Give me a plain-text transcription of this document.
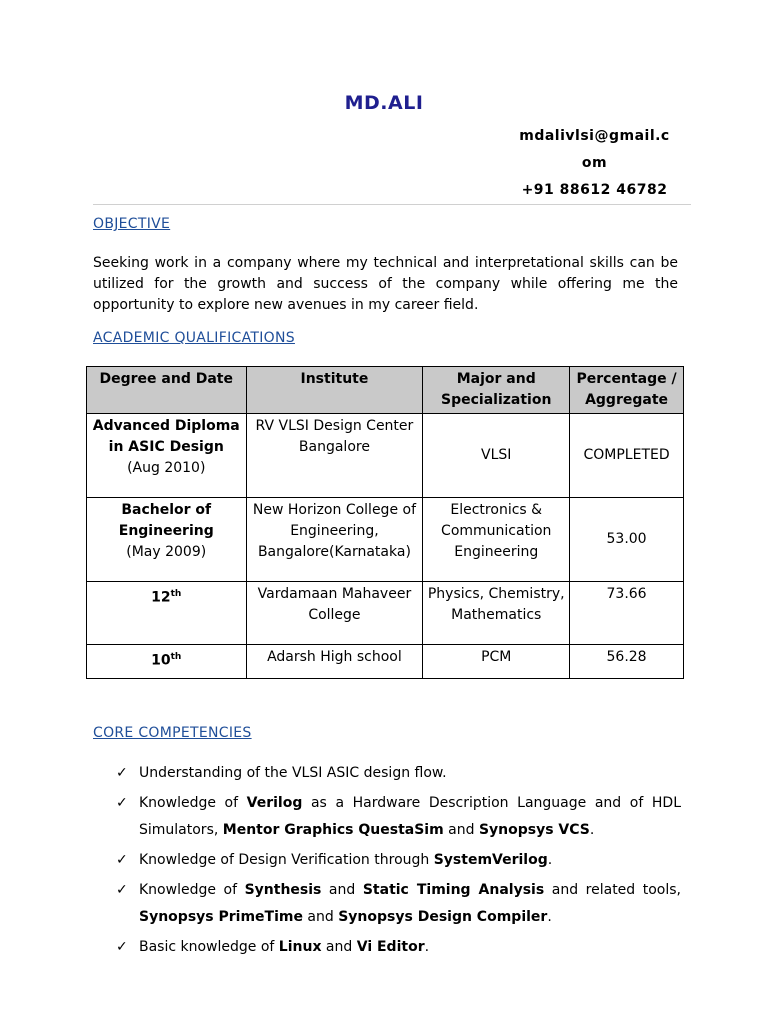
MD.ALI
mdalivlsi@gmail.c
om
+91 88612 46782
OBJECTIVE
Seeking work in a company where my technical and interpretational skills can be utilized for the growth and success of the company while offering me the opportunity to explore new avenues in my career field.
ACADEMIC QUALIFICATIONS
Degree and Date	Institute	Major and Specialization	Percentage / Aggregate

Advanced Diploma in ASIC Design
(Aug 2010)	RV VLSI Design Center Bangalore	VLSI	COMPLETED

Bachelor of Engineering
(May 2009)	New Horizon College of Engineering, Bangalore(Karnataka)	Electronics & Communication Engineering	53.00
12th	Vardamaan Mahaveer College	Physics, Chemistry, Mathematics	73.66
10th	Adarsh High school	PCM	56.28
CORE COMPETENCIES
✓ Understanding of the VLSI ASIC design flow.
✓ Knowledge of Verilog as a Hardware Description Language and of HDL Simulators, Mentor Graphics QuestaSim and Synopsys VCS.
✓ Knowledge of Design Verification through SystemVerilog.
✓ Knowledge of Synthesis and Static Timing Analysis and related tools, Synopsys PrimeTime and Synopsys Design Compiler.
✓ Basic knowledge of Linux and Vi Editor.
